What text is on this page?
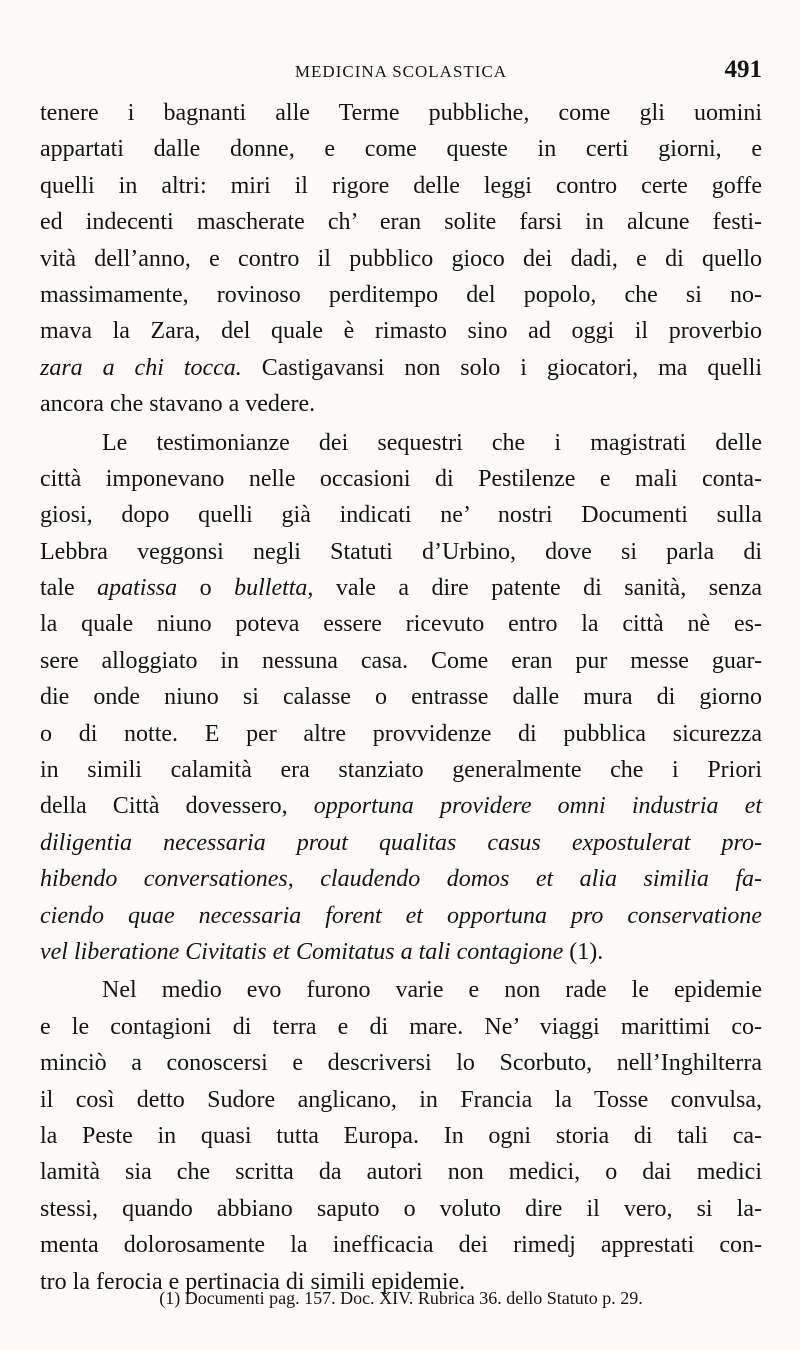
MEDICINA SCOLASTICA	491
tenere i bagnanti alle Terme pubbliche, come gli uomini
appartati dalle donne, e come queste in certi giorni, e
quelli in altri: miri il rigore delle leggi contro certe goffe
ed indecenti mascherate ch’ eran solite farsi in alcune festi-
vità dell’anno, e contro il pubblico gioco dei dadi, e di quello
massimamente, rovinoso perditempo del popolo, che si no-
mava la Zara, del quale è rimasto sino ad oggi il proverbio
zara a chi tocca. Castigavansi non solo i giocatori, ma quelli
ancora che stavano a vedere.
Le testimonianze dei sequestri che i magistrati delle
città imponevano nelle occasioni di Pestilenze e mali conta-
giosi, dopo quelli già indicati ne’ nostri Documenti sulla
Lebbra veggonsi negli Statuti d’Urbino, dove si parla di
tale apatissa o bulletta, vale a dire patente di sanità, senza
la quale niuno poteva essere ricevuto entro la città nè es-
sere alloggiato in nessuna casa. Come eran pur messe guar-
die onde niuno si calasse o entrasse dalle mura di giorno
o di notte. E per altre provvidenze di pubblica sicurezza
in simili calamità era stanziato generalmente che i Priori
della Città dovessero, opportuna providere omni industria et
diligentia necessaria prout qualitas casus expostulerat pro-
hibendo conversationes, claudendo domos et alia similia fa-
ciendo quae necessaria forent et opportuna pro conservatione
vel liberatione Civitatis et Comitatus a tali contagione (1).
Nel medio evo furono varie e non rade le epidemie
e le contagioni di terra e di mare. Ne’ viaggi marittimi co-
minciò a conoscersi e descriversi lo Scorbuto, nell’Inghilterra
il così detto Sudore anglicano, in Francia la Tosse convulsa,
la Peste in quasi tutta Europa. In ogni storia di tali ca-
lamità sia che scritta da autori non medici, o dai medici
stessi, quando abbiano saputo o voluto dire il vero, si la-
menta dolorosamente la inefficacia dei rimedj apprestati con-
tro la ferocia e pertinacia di simili epidemie.
(1) Documenti pag. 157. Doc. XIV. Rubrica 36. dello Statuto p. 29.
